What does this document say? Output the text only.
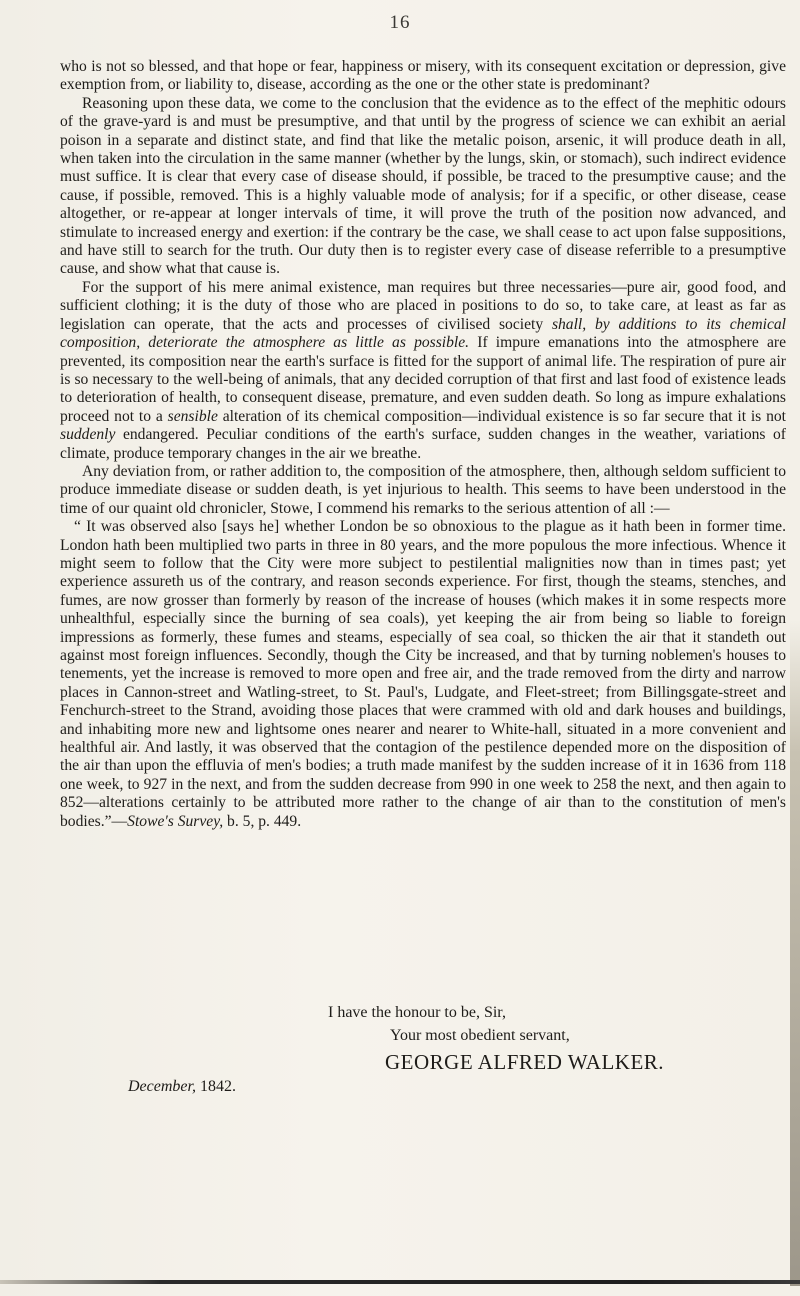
16

who is not so blessed, and that hope or fear, happiness or misery, with its consequent excitation or depression, give exemption from, or liability to, disease, according as the one or the other state is predominant?

Reasoning upon these data, we come to the conclusion that the evidence as to the effect of the mephitic odours of the grave-yard is and must be presumptive, and that until by the progress of science we can exhibit an aerial poison in a separate and distinct state, and find that like the metalic poison, arsenic, it will produce death in all, when taken into the circulation in the same manner (whether by the lungs, skin, or stomach), such indirect evidence must suffice. It is clear that every case of disease should, if possible, be traced to the presumptive cause; and the cause, if possible, removed. This is a highly valuable mode of analysis; for if a specific, or other disease, cease altogether, or re-appear at longer intervals of time, it will prove the truth of the position now advanced, and stimulate to increased energy and exertion: if the contrary be the case, we shall cease to act upon false suppositions, and have still to search for the truth. Our duty then is to register every case of disease referrible to a presumptive cause, and show what that cause is.

For the support of his mere animal existence, man requires but three necessaries—pure air, good food, and sufficient clothing; it is the duty of those who are placed in positions to do so, to take care, at least as far as legislation can operate, that the acts and processes of civilised society shall, by additions to its chemical composition, deteriorate the atmosphere as little as possible. If impure emanations into the atmosphere are prevented, its composition near the earth's surface is fitted for the support of animal life. The respiration of pure air is so necessary to the well-being of animals, that any decided corruption of that first and last food of existence leads to deterioration of health, to consequent disease, premature, and even sudden death. So long as impure exhalations proceed not to a sensible alteration of its chemical composition—individual existence is so far secure that it is not suddenly endangered. Peculiar conditions of the earth's surface, sudden changes in the weather, variations of climate, produce temporary changes in the air we breathe.

Any deviation from, or rather addition to, the composition of the atmosphere, then, although seldom sufficient to produce immediate disease or sudden death, is yet injurious to health. This seems to have been understood in the time of our quaint old chronicler, Stowe, I commend his remarks to the serious attention of all :—

“ It was observed also [says he] whether London be so obnoxious to the plague as it hath been in former time. London hath been multiplied two parts in three in 80 years, and the more populous the more infectious. Whence it might seem to follow that the City were more subject to pestilential malignities now than in times past; yet experience assureth us of the contrary, and reason seconds experience. For first, though the steams, stenches, and fumes, are now grosser than formerly by reason of the increase of houses (which makes it in some respects more unhealthful, especially since the burning of sea coals), yet keeping the air from being so liable to foreign impressions as formerly, these fumes and steams, especially of sea coal, so thicken the air that it standeth out against most foreign influences. Secondly, though the City be increased, and that by turning noblemen's houses to tenements, yet the increase is removed to more open and free air, and the trade removed from the dirty and narrow places in Cannon-street and Watling-street, to St. Paul's, Ludgate, and Fleet-street; from Billingsgate-street and Fenchurch-street to the Strand, avoiding those places that were crammed with old and dark houses and buildings, and inhabiting more new and lightsome ones nearer and nearer to White-hall, situated in a more convenient and healthful air. And lastly, it was observed that the contagion of the pestilence depended more on the disposition of the air than upon the effluvia of men's bodies; a truth made manifest by the sudden increase of it in 1636 from 118 one week, to 927 in the next, and from the sudden decrease from 990 in one week to 258 the next, and then again to 852—alterations certainly to be attributed more rather to the change of air than to the constitution of men's bodies.”—Stowe's Survey, b. 5, p. 449.

I have the honour to be, Sir,
Your most obedient servant,
GEORGE ALFRED WALKER.
December, 1842.
